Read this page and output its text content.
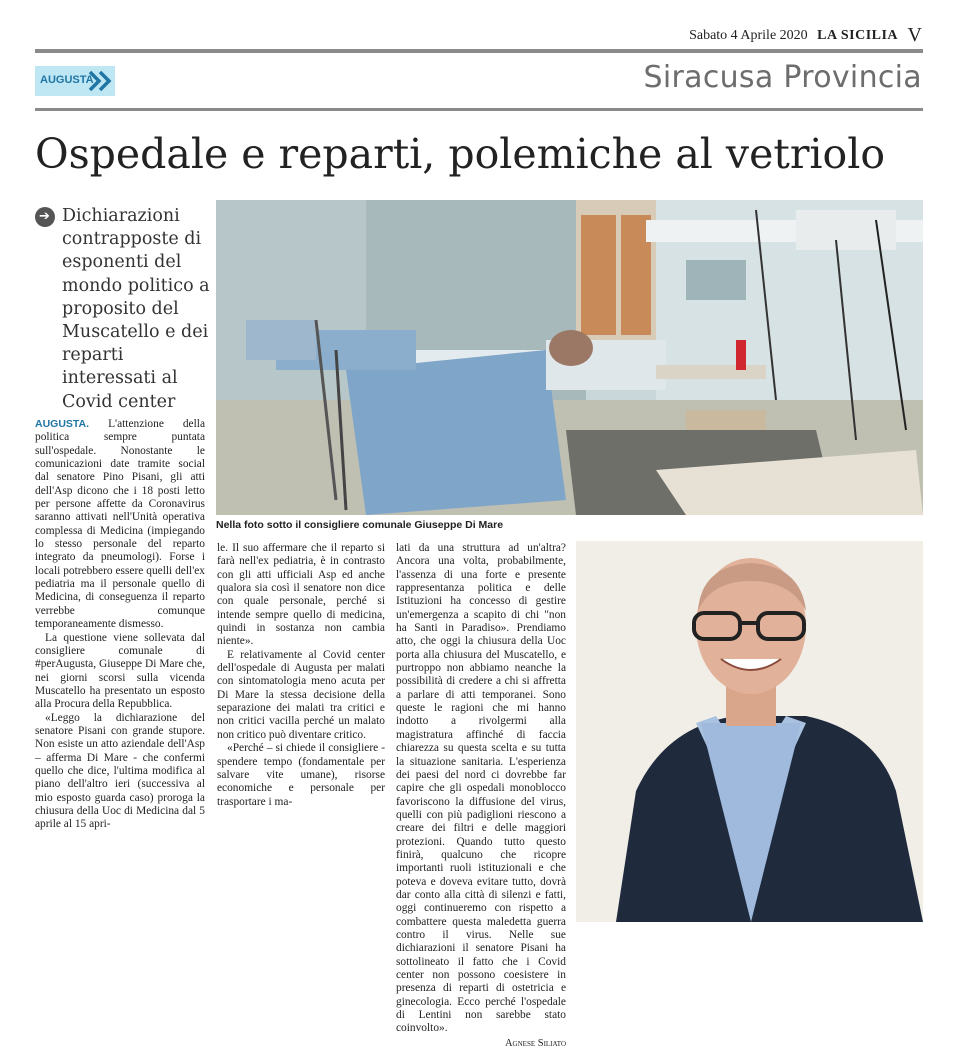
Sabato 4 Aprile 2020 LA SICILIA V
AUGUSTA	Siracusa Provincia
Ospedale e reparti, polemiche al vetriolo
➔ Dichiarazioni contrapposte di esponenti del mondo politico a proposito del Muscatello e dei reparti interessati al Covid center

AUGUSTA. L'attenzione della politica sempre puntata sull'ospedale. Nonostante le comunicazioni date tramite social dal senatore Pino Pisani, gli atti dell'Asp dicono che i 18 posti letto per persone affette da Coronavirus saranno attivati nell'Unità operativa complessa di Medicina (impiegando lo stesso personale del reparto integrato da pneumologi). Forse i locali potrebbero essere quelli dell'ex pediatria ma il personale quello di Medicina, di conseguenza il reparto verrebbe comunque temporaneamente dismesso.

La questione viene sollevata dal consigliere comunale di #perAugusta, Giuseppe Di Mare che, nei giorni scorsi sulla vicenda Muscatello ha presentato un esposto alla Procura della Repubblica.

«Leggo la dichiarazione del senatore Pisani con grande stupore. Non esiste un atto aziendale dell'Asp – afferma Di Mare - che confermi quello che dice, l'ultima modifica al piano dell'altro ieri (successiva al mio esposto guarda caso) proroga la chiusura della Uoc di Medicina dal 5 aprile al 15 apri-

Nella foto sotto il consigliere comunale Giuseppe Di Mare

le. Il suo affermare che il reparto si farà nell'ex pediatria, è in contrasto con gli atti ufficiali Asp ed anche qualora sia così il senatore non dice con quale personale, perché si intende sempre quello di medicina, quindi in sostanza non cambia niente».

E relativamente al Covid center dell'ospedale di Augusta per malati con sintomatologia meno acuta per Di Mare la stessa decisione della separazione dei malati tra critici e non critici vacilla perché un malato non critico può diventare critico.

«Perché – si chiede il consigliere - spendere tempo (fondamentale per salvare vite umane), risorse economiche e personale per trasportare i ma-

lati da una struttura ad un'altra? Ancora una volta, probabilmente, l'assenza di una forte e presente rappresentanza politica e delle Istituzioni ha concesso di gestire un'emergenza a scapito di chi "non ha Santi in Paradiso». Prendiamo atto, che oggi la chiusura della Uoc porta alla chiusura del Muscatello, e purtroppo non abbiamo neanche la possibilità di credere a chi si affretta a parlare di atti temporanei. Sono queste le ragioni che mi hanno indotto a rivolgermi alla magistratura affinché di faccia chiarezza su questa scelta e su tutta la situazione sanitaria. L'esperienza dei paesi del nord ci dovrebbe far capire che gli ospedali monoblocco favoriscono la diffusione del virus, quelli con più padiglioni riescono a creare dei filtri e delle maggiori protezioni. Quando tutto questo finirà, qualcuno che ricopre importanti ruoli istituzionali e che poteva e doveva evitare tutto, dovrà dar conto alla città di silenzi e fatti, oggi continueremo con rispetto a combattere questa maledetta guerra contro il virus. Nelle sue dichiarazioni il senatore Pisani ha sottolineato il fatto che i Covid center non possono coesistere in presenza di reparti di ostetricia e ginecologia. Ecco perché l'ospedale di Lentini non sarebbe stato coinvolto».

Agnese Siliato
